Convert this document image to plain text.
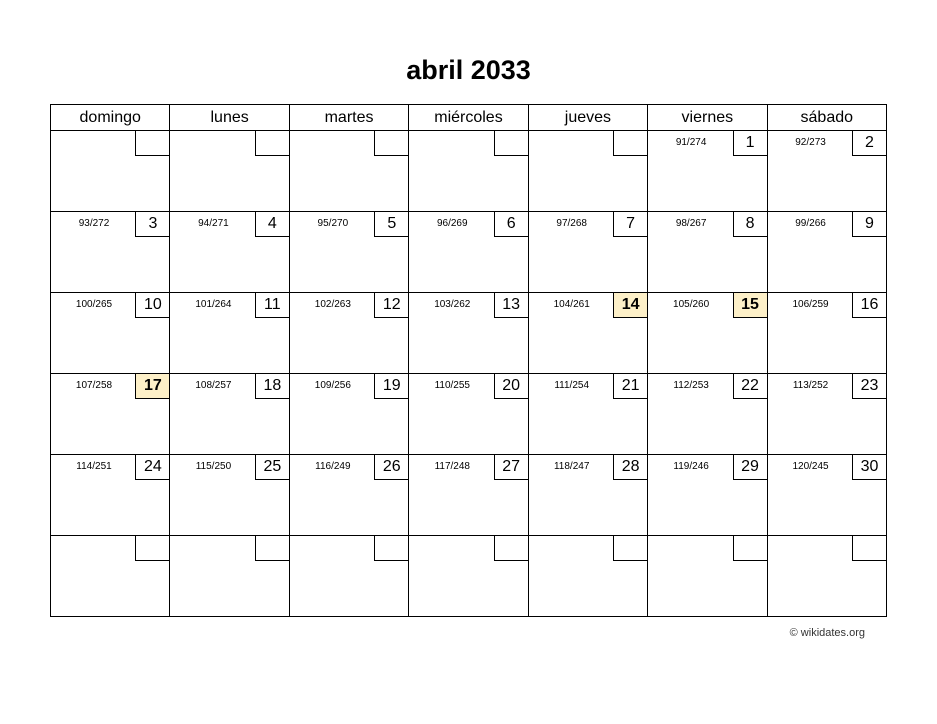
abril 2033
domingo	lunes	martes	miércoles	jueves	viernes	sábado

					91/274 1	92/273 2

93/272 3	94/271 4	95/270 5	96/269 6	97/268 7	98/267 8	99/266 9

100/265 10	101/264 11	102/263 12	103/262 13	104/261 14	105/260 15	106/259 16

107/258 17	108/257 18	109/256 19	110/255 20	111/254 21	112/253 22	113/252 23

114/251 24	115/250 25	116/249 26	117/248 27	118/247 28	119/246 29	120/245 30

© wikidates.org
